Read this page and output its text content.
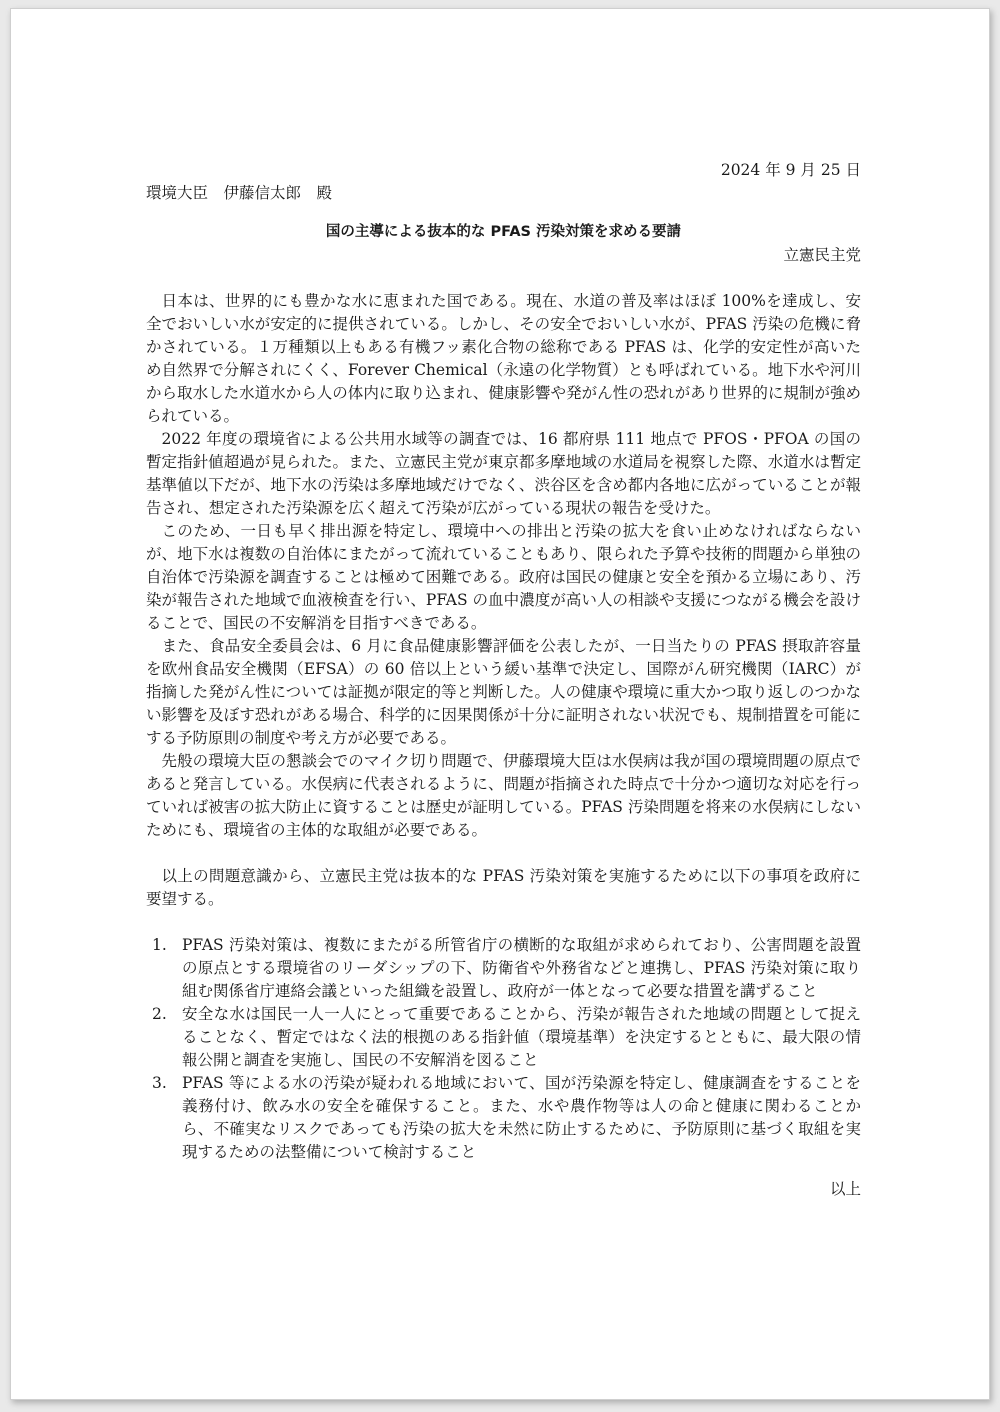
2024 年 9 月 25 日

環境大臣　伊藤信太郎　殿

国の主導による抜本的な PFAS 汚染対策を求める要請

立憲民主党

日本は、世界的にも豊かな水に恵まれた国である。現在、水道の普及率はほぼ 100%を達成し、安全でおいしい水が安定的に提供されている。しかし、その安全でおいしい水が、PFAS 汚染の危機に脅かされている。１万種類以上もある有機フッ素化合物の総称である PFAS は、化学的安定性が高いため自然界で分解されにくく、Forever Chemical（永遠の化学物質）とも呼ばれている。地下水や河川から取水した水道水から人の体内に取り込まれ、健康影響や発がん性の恐れがあり世界的に規制が強められている。

2022 年度の環境省による公共用水域等の調査では、16 都府県 111 地点で PFOS・PFOA の国の暫定指針値超過が見られた。また、立憲民主党が東京都多摩地域の水道局を視察した際、水道水は暫定基準値以下だが、地下水の汚染は多摩地域だけでなく、渋谷区を含め都内各地に広がっていることが報告され、想定された汚染源を広く超えて汚染が広がっている現状の報告を受けた。

このため、一日も早く排出源を特定し、環境中への排出と汚染の拡大を食い止めなければならないが、地下水は複数の自治体にまたがって流れていることもあり、限られた予算や技術的問題から単独の自治体で汚染源を調査することは極めて困難である。政府は国民の健康と安全を預かる立場にあり、汚染が報告された地域で血液検査を行い、PFAS の血中濃度が高い人の相談や支援につながる機会を設けることで、国民の不安解消を目指すべきである。

また、食品安全委員会は、6 月に食品健康影響評価を公表したが、一日当たりの PFAS 摂取許容量を欧州食品安全機関（EFSA）の 60 倍以上という緩い基準で決定し、国際がん研究機関（IARC）が指摘した発がん性については証拠が限定的等と判断した。人の健康や環境に重大かつ取り返しのつかない影響を及ぼす恐れがある場合、科学的に因果関係が十分に証明されない状況でも、規制措置を可能にする予防原則の制度や考え方が必要である。

先般の環境大臣の懇談会でのマイク切り問題で、伊藤環境大臣は水俣病は我が国の環境問題の原点であると発言している。水俣病に代表されるように、問題が指摘された時点で十分かつ適切な対応を行っていれば被害の拡大防止に資することは歴史が証明している。PFAS 汚染問題を将来の水俣病にしないためにも、環境省の主体的な取組が必要である。

以上の問題意識から、立憲民主党は抜本的な PFAS 汚染対策を実施するために以下の事項を政府に要望する。

1. PFAS 汚染対策は、複数にまたがる所管省庁の横断的な取組が求められており、公害問題を設置の原点とする環境省のリーダシップの下、防衛省や外務省などと連携し、PFAS 汚染対策に取り組む関係省庁連絡会議といった組織を設置し、政府が一体となって必要な措置を講ずること
2. 安全な水は国民一人一人にとって重要であることから、汚染が報告された地域の問題として捉えることなく、暫定ではなく法的根拠のある指針値（環境基準）を決定するとともに、最大限の情報公開と調査を実施し、国民の不安解消を図ること
3. PFAS 等による水の汚染が疑われる地域において、国が汚染源を特定し、健康調査をすることを義務付け、飲み水の安全を確保すること。また、水や農作物等は人の命と健康に関わることから、不確実なリスクであっても汚染の拡大を未然に防止するために、予防原則に基づく取組を実現するための法整備について検討すること

以上
